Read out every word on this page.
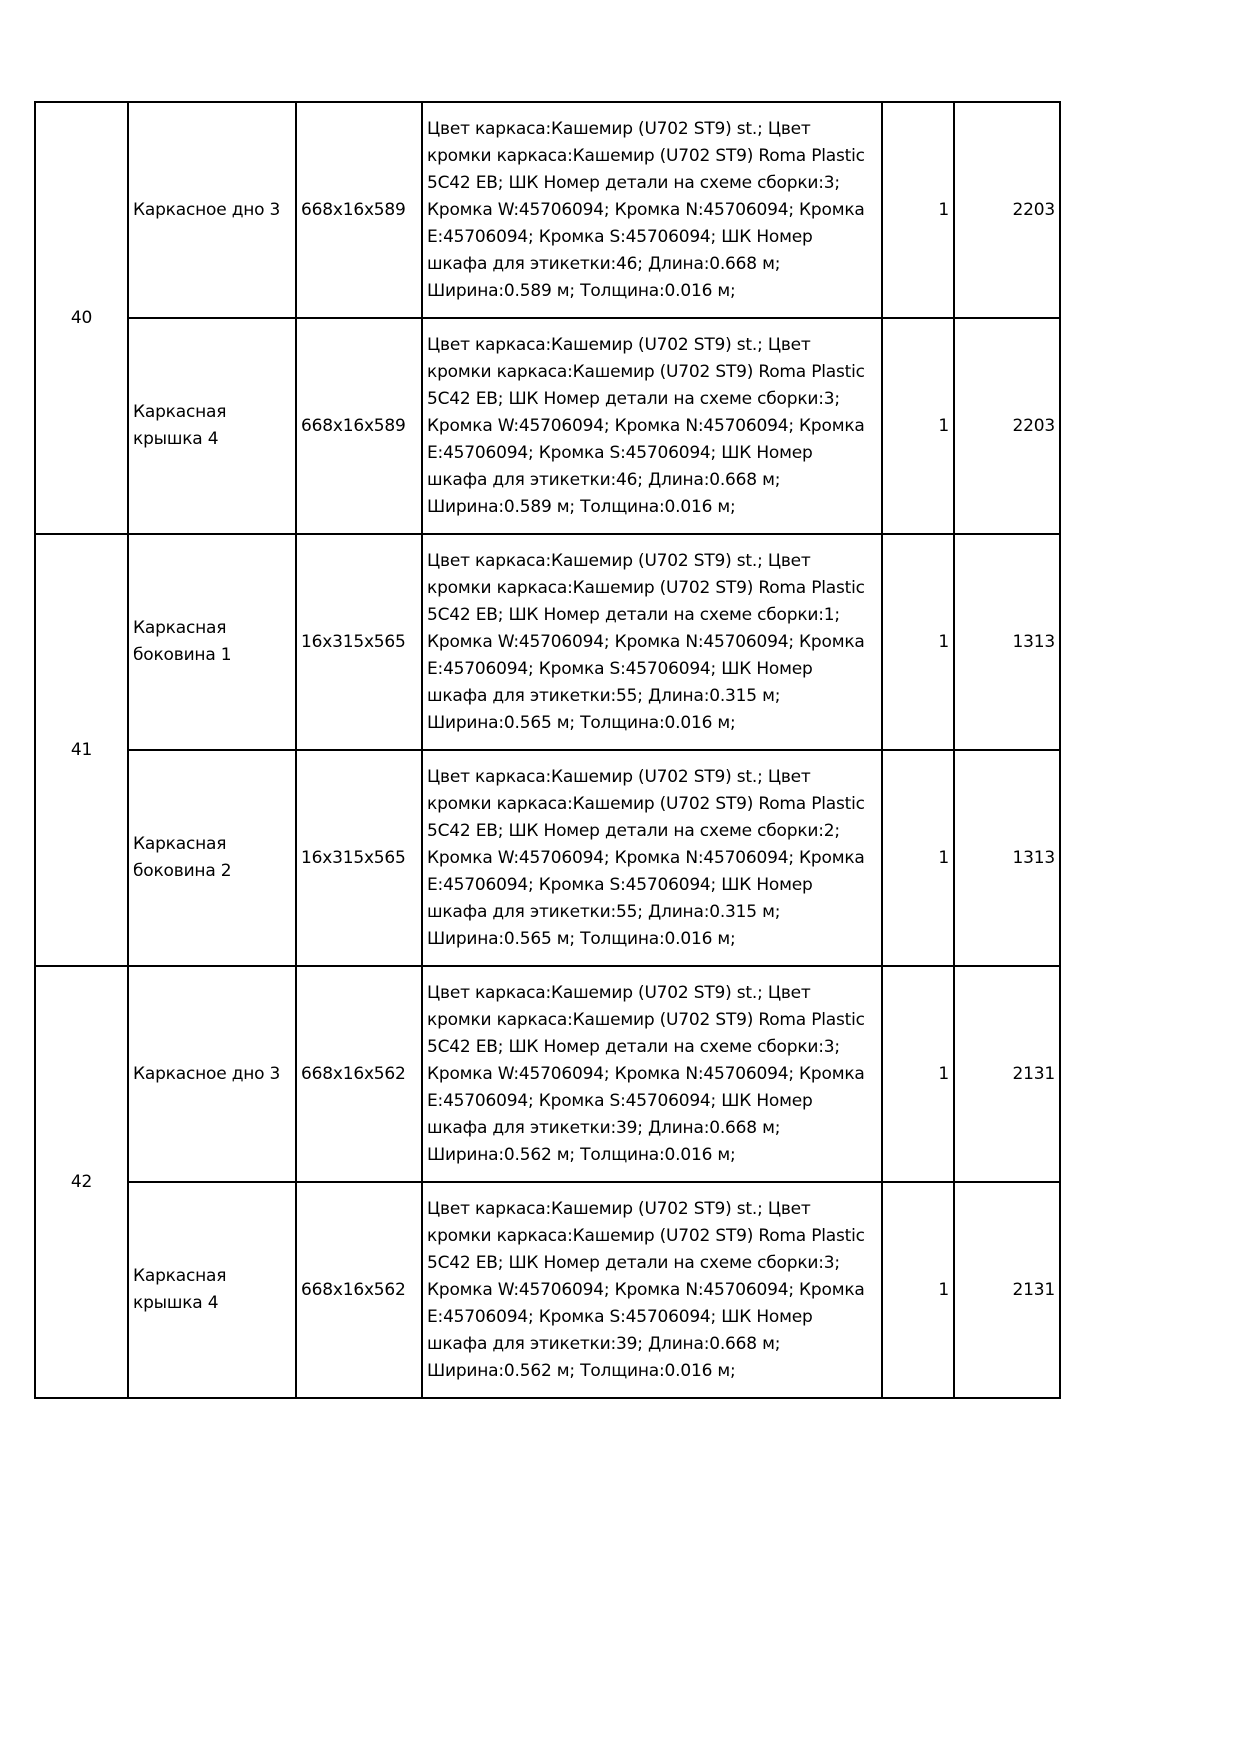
40	Каркасное дно 3	668x16x589	Цвет каркаса:Кашемир (U702 ST9) st.; Цвет кромки каркаса:Кашемир (U702 ST9) Roma Plastic 5C42 EB; ШК Номер детали на схеме сборки:3; Кромка W:45706094; Кромка N:45706094; Кромка E:45706094; Кромка S:45706094; ШК Номер шкафа для этикетки:46; Длина:0.668 м; Ширина:0.589 м; Толщина:0.016 м;	1	2203
	Каркасная крышка 4	668x16x589	Цвет каркаса:Кашемир (U702 ST9) st.; Цвет кромки каркаса:Кашемир (U702 ST9) Roma Plastic 5C42 EB; ШК Номер детали на схеме сборки:3; Кромка W:45706094; Кромка N:45706094; Кромка E:45706094; Кромка S:45706094; ШК Номер шкафа для этикетки:46; Длина:0.668 м; Ширина:0.589 м; Толщина:0.016 м;	1	2203
41	Каркасная боковина 1	16x315x565	Цвет каркаса:Кашемир (U702 ST9) st.; Цвет кромки каркаса:Кашемир (U702 ST9) Roma Plastic 5C42 EB; ШК Номер детали на схеме сборки:1; Кромка W:45706094; Кромка N:45706094; Кромка E:45706094; Кромка S:45706094; ШК Номер шкафа для этикетки:55; Длина:0.315 м; Ширина:0.565 м; Толщина:0.016 м;	1	1313
	Каркасная боковина 2	16x315x565	Цвет каркаса:Кашемир (U702 ST9) st.; Цвет кромки каркаса:Кашемир (U702 ST9) Roma Plastic 5C42 EB; ШК Номер детали на схеме сборки:2; Кромка W:45706094; Кромка N:45706094; Кромка E:45706094; Кромка S:45706094; ШК Номер шкафа для этикетки:55; Длина:0.315 м; Ширина:0.565 м; Толщина:0.016 м;	1	1313
42	Каркасное дно 3	668x16x562	Цвет каркаса:Кашемир (U702 ST9) st.; Цвет кромки каркаса:Кашемир (U702 ST9) Roma Plastic 5C42 EB; ШК Номер детали на схеме сборки:3; Кромка W:45706094; Кромка N:45706094; Кромка E:45706094; Кромка S:45706094; ШК Номер шкафа для этикетки:39; Длина:0.668 м; Ширина:0.562 м; Толщина:0.016 м;	1	2131
	Каркасная крышка 4	668x16x562	Цвет каркаса:Кашемир (U702 ST9) st.; Цвет кромки каркаса:Кашемир (U702 ST9) Roma Plastic 5C42 EB; ШК Номер детали на схеме сборки:3; Кромка W:45706094; Кромка N:45706094; Кромка E:45706094; Кромка S:45706094; ШК Номер шкафа для этикетки:39; Длина:0.668 м; Ширина:0.562 м; Толщина:0.016 м;	1	2131
